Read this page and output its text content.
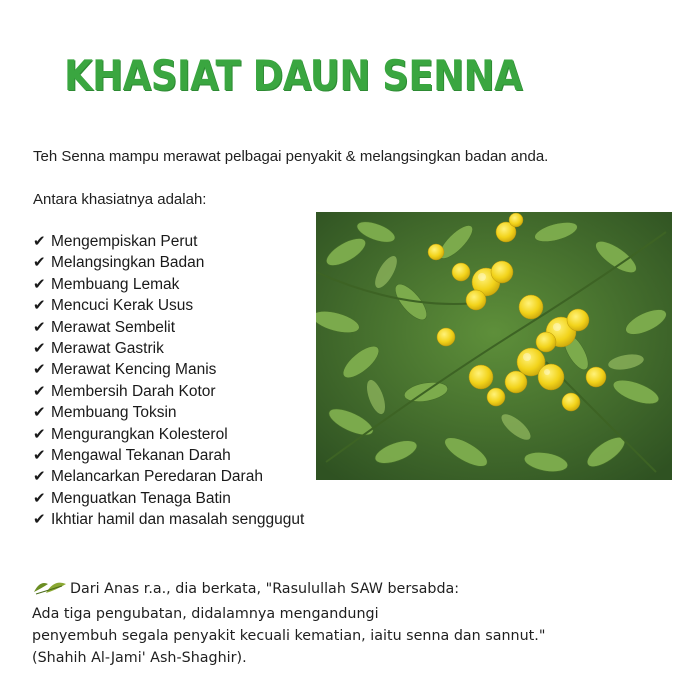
KHASIAT DAUN SENNA
Teh Senna mampu merawat pelbagai penyakit & melangsingkan badan anda.
Antara khasiatnya adalah:
✔ Mengempiskan Perut
✔ Melangsingkan Badan
✔ Membuang Lemak
✔ Mencuci Kerak Usus
✔ Merawat Sembelit
✔ Merawat Gastrik
✔ Merawat Kencing Manis
✔ Membersih Darah Kotor
✔ Membuang Toksin
✔ Mengurangkan Kolesterol
✔ Mengawal Tekanan Darah
✔ Melancarkan Peredaran Darah
✔ Menguatkan Tenaga Batin
✔ Ikhtiar hamil dan masalah senggugut
Dari Anas r.a., dia berkata, "Rasulullah SAW bersabda:
Ada tiga pengubatan, didalamnya mengandungi
penyembuh segala penyakit kecuali kematian, iaitu senna dan sannut."
(Shahih Al-Jami' Ash-Shaghir).
